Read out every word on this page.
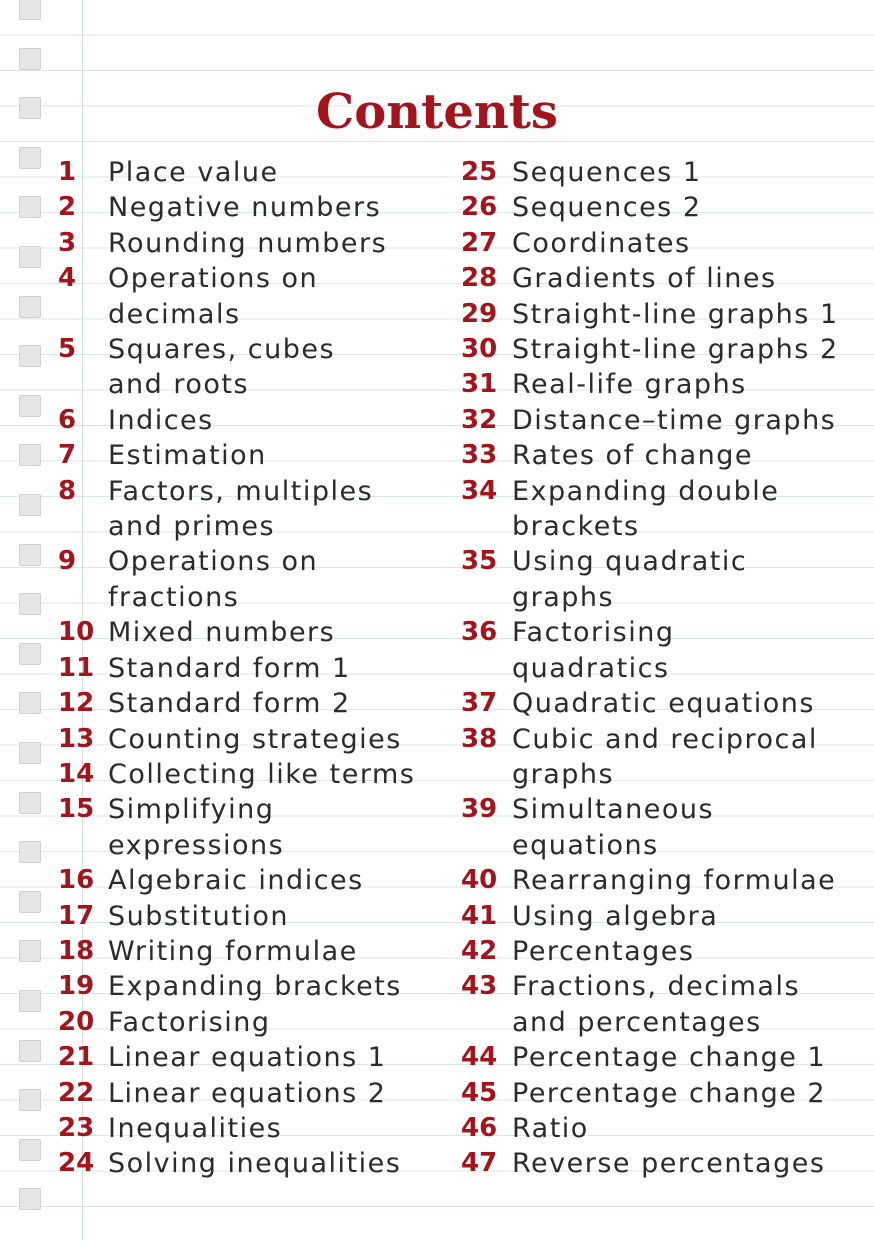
Contents
1	Place value
2	Negative numbers
3	Rounding numbers
4	Operations on
decimals
5	Squares, cubes
and roots
6	Indices
7	Estimation
8	Factors, multiples
and primes
9	Operations on
fractions
10 Mixed numbers
11 Standard form 1
12 Standard form 2
13 Counting strategies
14 Collecting like terms
15 Simplifying
expressions
16 Algebraic indices
17 Substitution
18 Writing formulae
19 Expanding brackets
20 Factorising
21 Linear equations 1
22 Linear equations 2
23 Inequalities
24 Solving inequalities
25 Sequences 1
26 Sequences 2
27 Coordinates
28 Gradients of lines
29 Straight-line graphs 1
30 Straight-line graphs 2
31 Real-life graphs
32 Distance–time graphs
33 Rates of change
34 Expanding double
brackets
35 Using quadratic
graphs
36 Factorising
quadratics
37 Quadratic equations
38 Cubic and reciprocal
graphs
39 Simultaneous
equations
40 Rearranging formulae
41 Using algebra
42 Percentages
43 Fractions, decimals
and percentages
44 Percentage change 1
45 Percentage change 2
46 Ratio
47 Reverse percentages
